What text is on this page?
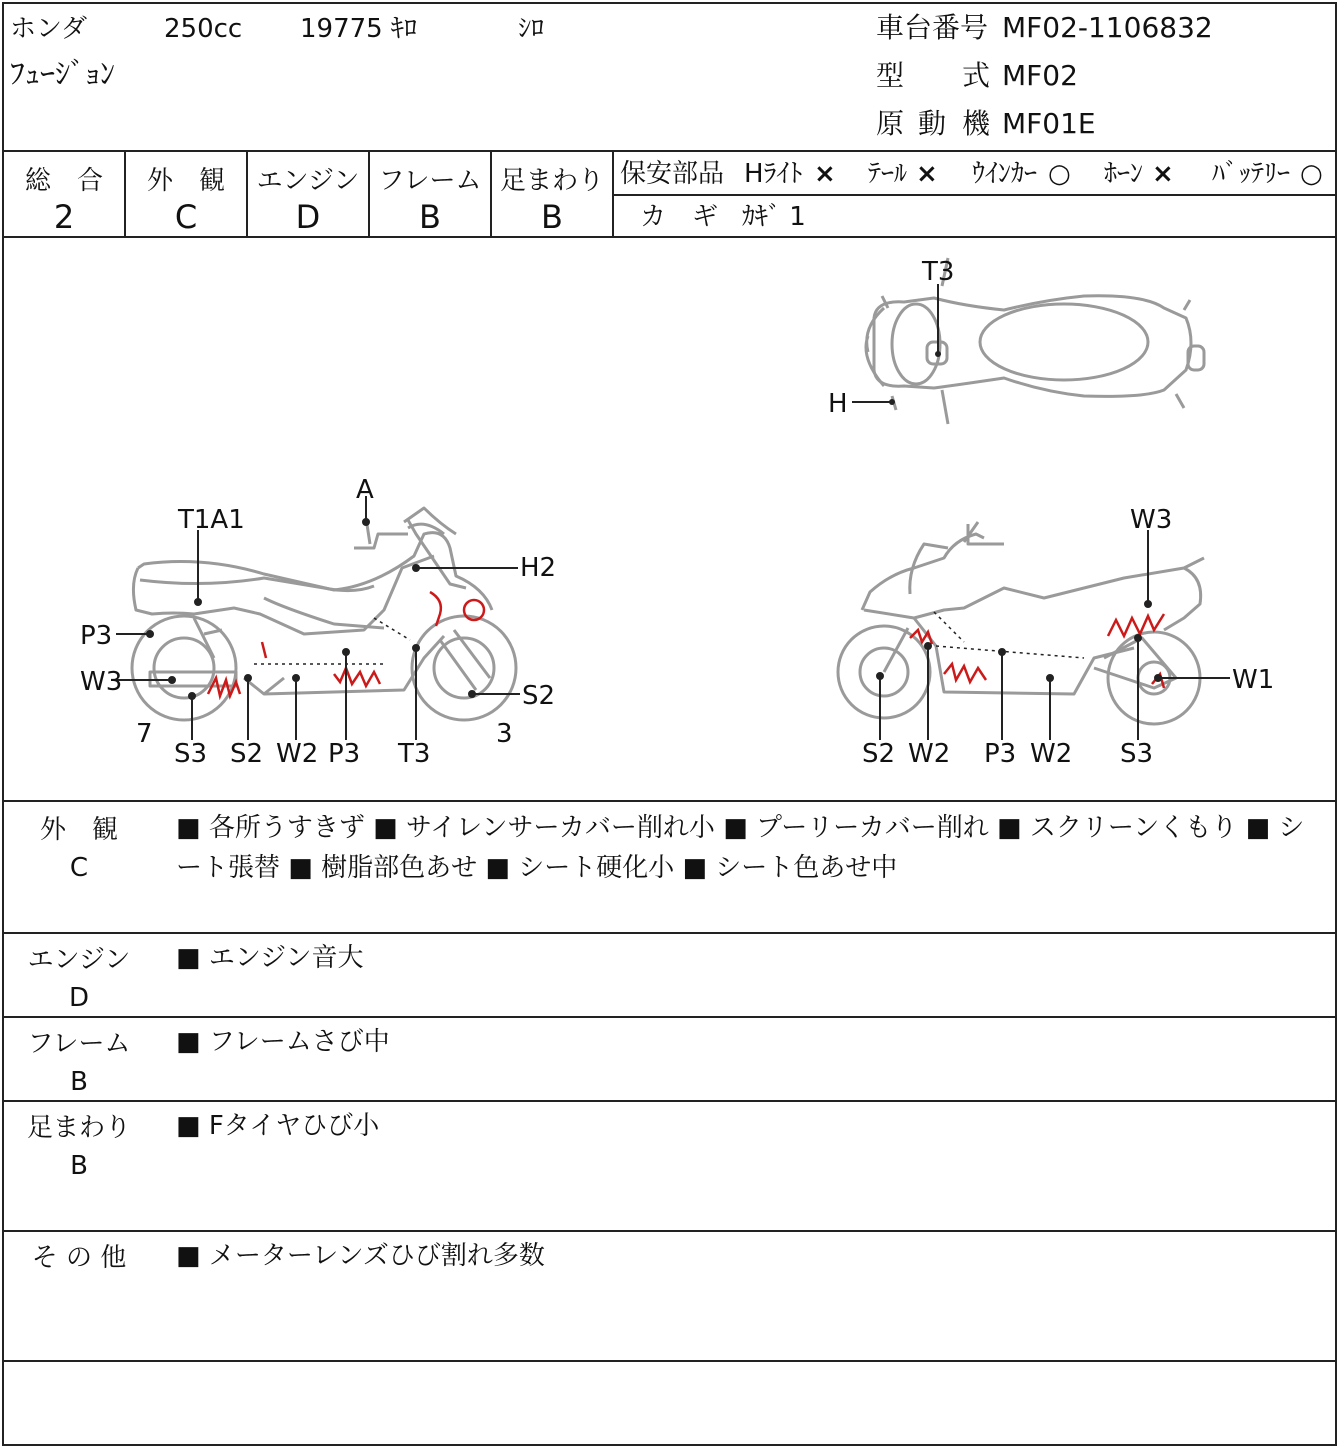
ホンダ	250cc 19775 ｷﾛ	ｼﾛ
ﾌｭｰｼﾞｮﾝ
車台番号 MF02-1106832
型 式 MF02
原 動 機 MF01E
総　合
2
外　観
C
エンジン
D
フレーム
B
足まわり
B
保安部品 Hﾗｲﾄ × ﾃｰﾙ × ｳｲﾝｶｰ ○ ﾎｰﾝ × ﾊﾞｯﾃﾘｰ ○
カ　ギ ｶｷﾞ 1
T3
H
A
T1A1
H2
P3
W3	S2
7	3
S3 S2 W2 P3 T3
W3
W1
S2 W2 P3 W2 S3
外　観
C
■ 各所うすきず ■ サイレンサーカバー削れ小 ■ プーリーカバー削れ ■ スクリーンくもり ■ シート張替 ■ 樹脂部色あせ ■ シート硬化小 ■ シート色あせ中
エンジン
D
■ エンジン音大
フレーム
B
■ フレームさび中
足まわり
B
■ Fタイヤひび小
そ の 他	■ メーターレンズひび割れ多数
